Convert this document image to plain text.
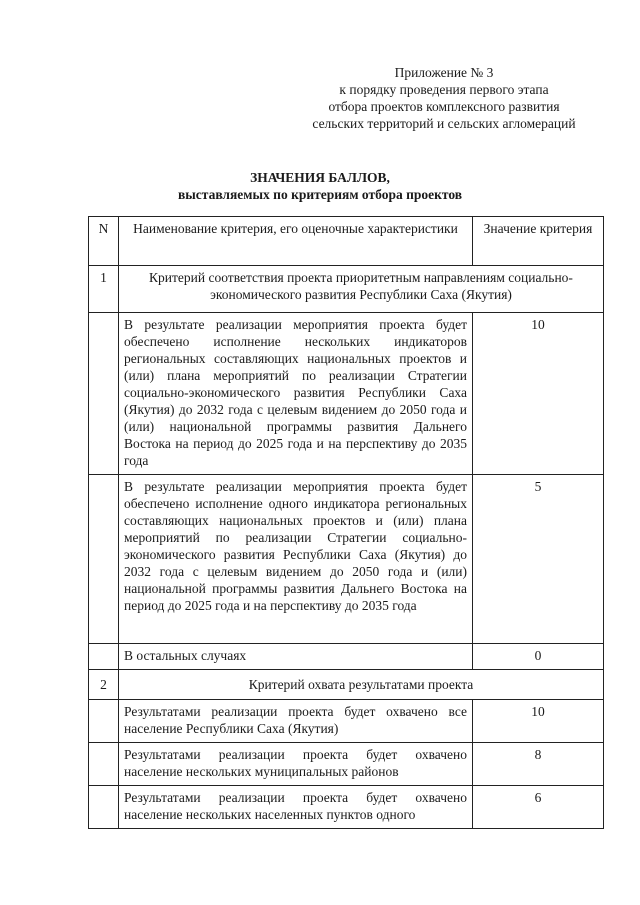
Приложение № 3
к порядку проведения первого этапа
отбора проектов комплексного развития
сельских территорий и сельских агломераций
ЗНАЧЕНИЯ БАЛЛОВ,
выставляемых по критериям отбора проектов
N	Наименование критерия, его оценочные характеристики	Значение критерия
1	Критерий соответствия проекта приоритетным направлениям социально-экономического развития Республики Саха (Якутия)	
	В результате реализации мероприятия проекта будет обеспечено исполнение нескольких индикаторов региональных составляющих национальных проектов и (или) плана мероприятий по реализации Стратегии социально-экономического развития Республики Саха (Якутия) до 2032 года с целевым видением до 2050 года и (или) национальной программы развития Дальнего Востока на период до 2025 года и на перспективу до 2035 года	10
	В результате реализации мероприятия проекта будет обеспечено исполнение одного индикатора региональных составляющих национальных проектов и (или) плана мероприятий по реализации Стратегии социально-экономического развития Республики Саха (Якутия) до 2032 года с целевым видением до 2050 года и (или) национальной программы развития Дальнего Востока на период до 2025 года и на перспективу до 2035 года	5
	В остальных случаях	0
2	Критерий охвата результатами проекта	
	Результатами реализации проекта будет охвачено все население Республики Саха (Якутия)	10
	Результатами реализации проекта будет охвачено население нескольких муниципальных районов	8
	Результатами реализации проекта будет охвачено население нескольких населенных пунктов одного	6
